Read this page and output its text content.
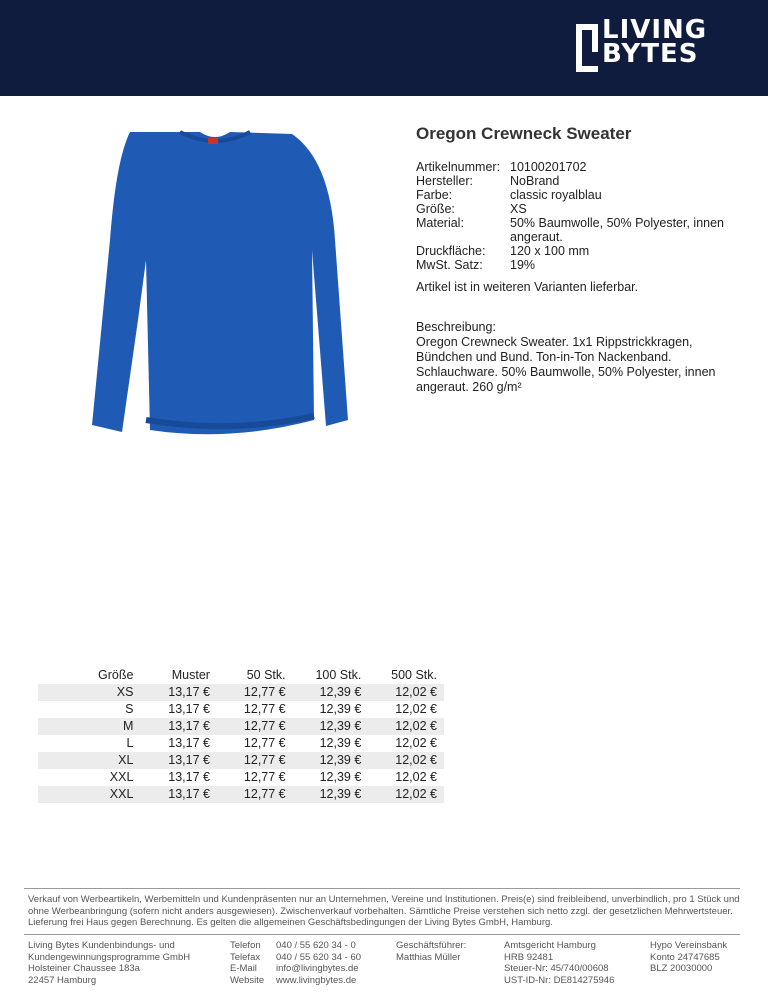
LIVING
BYTES
Oregon Crewneck Sweater
Artikelnummer: 10100201702
Hersteller:	NoBrand
Farbe:	classic royalblau
Größe:	XS
Material:	50% Baumwolle, 50% Polyester, innen angeraut.
Druckfläche:	120 x 100 mm
MwSt. Satz:	19%
Artikel ist in weiteren Varianten lieferbar.
Beschreibung:
Oregon Crewneck Sweater. 1x1 Rippstrickkragen, Bündchen und Bund. Ton-in-Ton Nackenband. Schlauchware. 50% Baumwolle, 50% Polyester, innen angeraut. 260 g/m²
Größe	Muster	50 Stk.	100 Stk.	500 Stk.
XS	13,17 €	12,77 €	12,39 €	12,02 €
S	13,17 €	12,77 €	12,39 €	12,02 €
M	13,17 €	12,77 €	12,39 €	12,02 €
L	13,17 €	12,77 €	12,39 €	12,02 €
XL	13,17 €	12,77 €	12,39 €	12,02 €
XXL	13,17 €	12,77 €	12,39 €	12,02 €
XXL	13,17 €	12,77 €	12,39 €	12,02 €
Verkauf von Werbeartikeln, Werbemitteln und Kundenpräsenten nur an Unternehmen, Vereine und Institutionen. Preis(e) sind freibleibend, unverbindlich, pro 1 Stück und ohne Werbeanbringung (sofern nicht anders ausgewiesen). Zwischenverkauf vorbehalten. Sämtliche Preise verstehen sich netto zzgl. der gesetzlichen Mehrwertsteuer. Lieferung frei Haus gegen Berechnung. Es gelten die allgemeinen Geschäftsbedingungen der Living Bytes GmbH, Hamburg.
Living Bytes Kundenbindungs- und
Kundengewinnungsprogramme GmbH
Holsteiner Chaussee 183a
22457 Hamburg
Telefon	040 / 55 620 34 - 0
Telefax	040 / 55 620 34 - 60
E-Mail	info@livingbytes.de
Website	www.livingbytes.de
Geschäftsführer:
Matthias Müller
Amtsgericht Hamburg
HRB 92481
Steuer-Nr: 45/740/00608
UST-ID-Nr: DE814275946
Hypo Vereinsbank
Konto 24747685
BLZ 20030000
